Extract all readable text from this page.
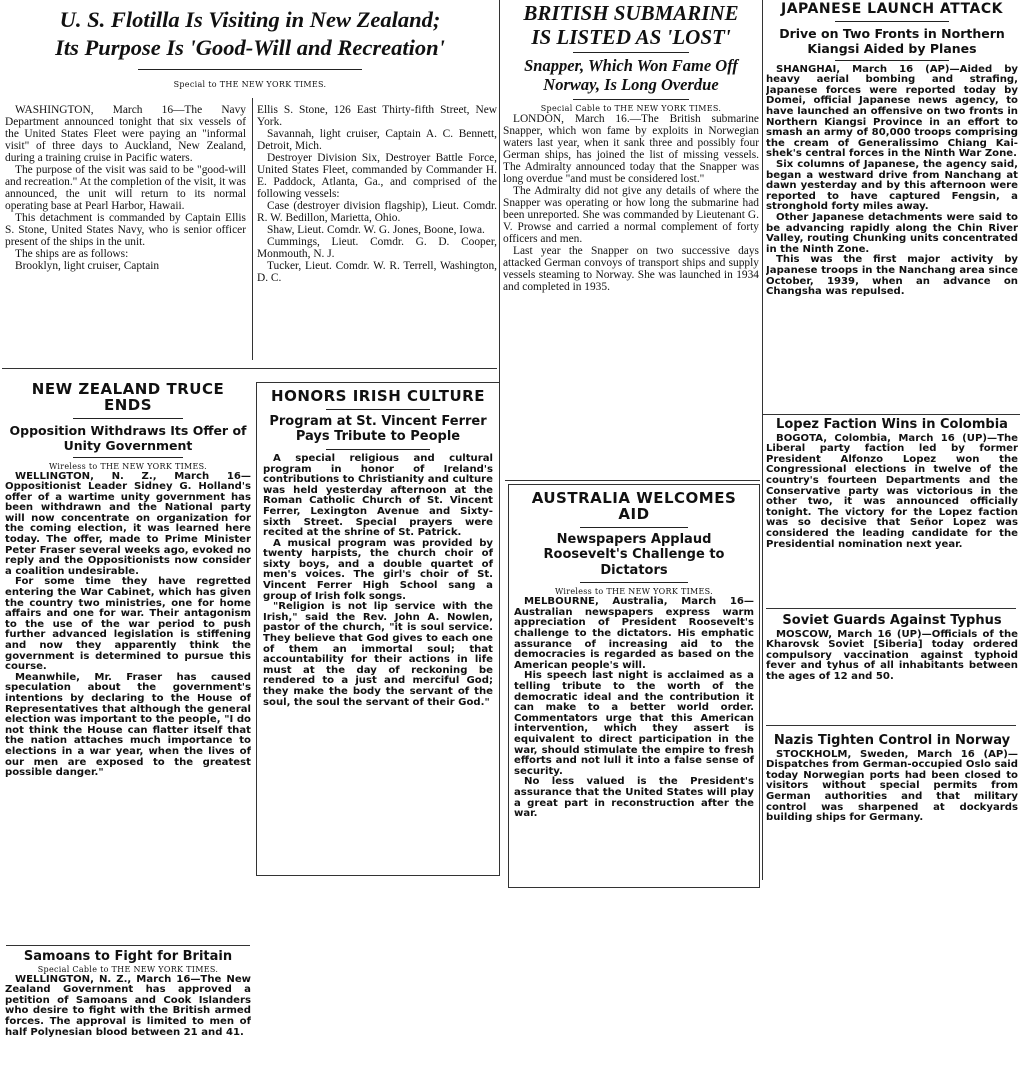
U. S. Flotilla Is Visiting in New Zealand;
Its Purpose Is 'Good-Will and Recreation'
Special to THE NEW YORK TIMES.

WASHINGTON, March 16—The Navy Department announced tonight that six vessels of the United States Fleet were paying an "informal visit" of three days to Auckland, New Zealand, during a training cruise in Pacific waters.

The purpose of the visit was said to be "good-will and recreation." At the completion of the visit, it was announced, the unit will return to its normal operating base at Pearl Harbor, Hawaii.

This detachment is commanded by Captain Ellis S. Stone, United States Navy, who is senior officer present of the ships in the unit.

The ships are as follows:

Brooklyn, light cruiser, Captain

Ellis S. Stone, 126 East Thirty-fifth Street, New York.

Savannah, light cruiser, Captain A. C. Bennett, Detroit, Mich.

Destroyer Division Six, Destroyer Battle Force, United States Fleet, commanded by Commander H. E. Paddock, Atlanta, Ga., and comprised of the following vessels:

Case (destroyer division flagship), Lieut. Comdr. R. W. Bedillon, Marietta, Ohio.

Shaw, Lieut. Comdr. W. G. Jones, Boone, Iowa.

Cummings, Lieut. Comdr. G. D. Cooper, Monmouth, N. J.

Tucker, Lieut. Comdr. W. R. Terrell, Washington, D. C.

BRITISH SUBMARINE
IS LISTED AS 'LOST'
Snapper, Which Won Fame Off Norway, Is Long Overdue
Special Cable to THE NEW YORK TIMES.

LONDON, March 16.—The British submarine Snapper, which won fame by exploits in Norwegian waters last year, when it sank three and possibly four German ships, has joined the list of missing vessels. The Admiralty announced today that the Snapper was long overdue "and must be considered lost."

The Admiralty did not give any details of where the Snapper was operating or how long the submarine had been unreported. She was commanded by Lieutenant G. V. Prowse and carried a normal complement of forty officers and men.

Last year the Snapper on two successive days attacked German convoys of transport ships and supply vessels steaming to Norway. She was launched in 1934 and completed in 1935.

JAPANESE LAUNCH ATTACK
Drive on Two Fronts in Northern Kiangsi Aided by Planes

SHANGHAI, March 16 (AP)—Aided by heavy aerial bombing and strafing, Japanese forces were reported today by Domei, official Japanese news agency, to have launched an offensive on two fronts in Northern Kiangsi Province in an effort to smash an army of 80,000 troops comprising the cream of Generalissimo Chiang Kai-shek's central forces in the Ninth War Zone.

Six columns of Japanese, the agency said, began a westward drive from Nanchang at dawn yesterday and by this afternoon were reported to have captured Fengsin, a stronghold forty miles away.

Other Japanese detachments were said to be advancing rapidly along the Chin River Valley, routing Chunking units concentrated in the Ninth Zone.

This was the first major activity by Japanese troops in the Nanchang area since October, 1939, when an advance on Changsha was repulsed.

NEW ZEALAND TRUCE ENDS
Opposition Withdraws Its Offer of Unity Government
Wireless to THE NEW YORK TIMES.

WELLINGTON, N. Z., March 16—Oppositionist Leader Sidney G. Holland's offer of a wartime unity government has been withdrawn and the National party will now concentrate on organization for the coming election, it was learned here today. The offer, made to Prime Minister Peter Fraser several weeks ago, evoked no reply and the Oppositionists now consider a coalition undesirable.

For some time they have regretted entering the War Cabinet, which has given the country two ministries, one for home affairs and one for war. Their antagonism to the use of the war period to push further advanced legislation is stiffening and now they apparently think the government is determined to pursue this course.

Meanwhile, Mr. Fraser has caused speculation about the government's intentions by declaring to the House of Representatives that although the general election was important to the people, "I do not think the House can flatter itself that the nation attaches much importance to elections in a war year, when the lives of our men are exposed to the greatest possible danger."

Samoans to Fight for Britain
Special Cable to THE NEW YORK TIMES.

WELLINGTON, N. Z., March 16—The New Zealand Government has approved a petition of Samoans and Cook Islanders who desire to fight with the British armed forces. The approval is limited to men of half Polynesian blood between 21 and 41.

HONORS IRISH CULTURE
Program at St. Vincent Ferrer Pays Tribute to People

A special religious and cultural program in honor of Ireland's contributions to Christianity and culture was held yesterday afternoon at the Roman Catholic Church of St. Vincent Ferrer, Lexington Avenue and Sixty-sixth Street. Special prayers were recited at the shrine of St. Patrick.

A musical program was provided by twenty harpists, the church choir of sixty boys, and a double quartet of men's voices. The girl's choir of St. Vincent Ferrer High School sang a group of Irish folk songs.

"Religion is not lip service with the Irish," said the Rev. John A. Nowlen, pastor of the church, "it is soul service. They believe that God gives to each one of them an immortal soul; that accountability for their actions in life must at the day of reckoning be rendered to a just and merciful God; they make the body the servant of the soul, the soul the servant of their God."

AUSTRALIA WELCOMES AID
Newspapers Applaud Roosevelt's Challenge to Dictators
Wireless to THE NEW YORK TIMES.

MELBOURNE, Australia, March 16—Australian newspapers express warm appreciation of President Roosevelt's challenge to the dictators. His emphatic assurance of increasing aid to the democracies is regarded as based on the American people's will.

His speech last night is acclaimed as a telling tribute to the worth of the democratic ideal and the contribution it can make to a better world order. Commentators urge that this American intervention, which they assert is equivalent to direct participation in the war, should stimulate the empire to fresh efforts and not lull it into a false sense of security.

No less valued is the President's assurance that the United States will play a great part in reconstruction after the war.

Lopez Faction Wins in Colombia

BOGOTA, Colombia, March 16 (UP)—The Liberal party faction led by former President Alfonzo Lopez won the Congressional elections in twelve of the country's fourteen Departments and the Conservative party was victorious in the other two, it was announced officially tonight. The victory for the Lopez faction was so decisive that Señor Lopez was considered the leading candidate for the Presidential nomination next year.

Soviet Guards Against Typhus

MOSCOW, March 16 (UP)—Officials of the Kharovsk Soviet [Siberia] today ordered compulsory vaccination against typhoid fever and tyhus of all inhabitants between the ages of 12 and 50.

Nazis Tighten Control in Norway

STOCKHOLM, Sweden, March 16 (AP)—Dispatches from German-occupied Oslo said today Norwegian ports had been closed to visitors without special permits from German authorities and that military control was sharpened at dockyards building ships for Germany.
